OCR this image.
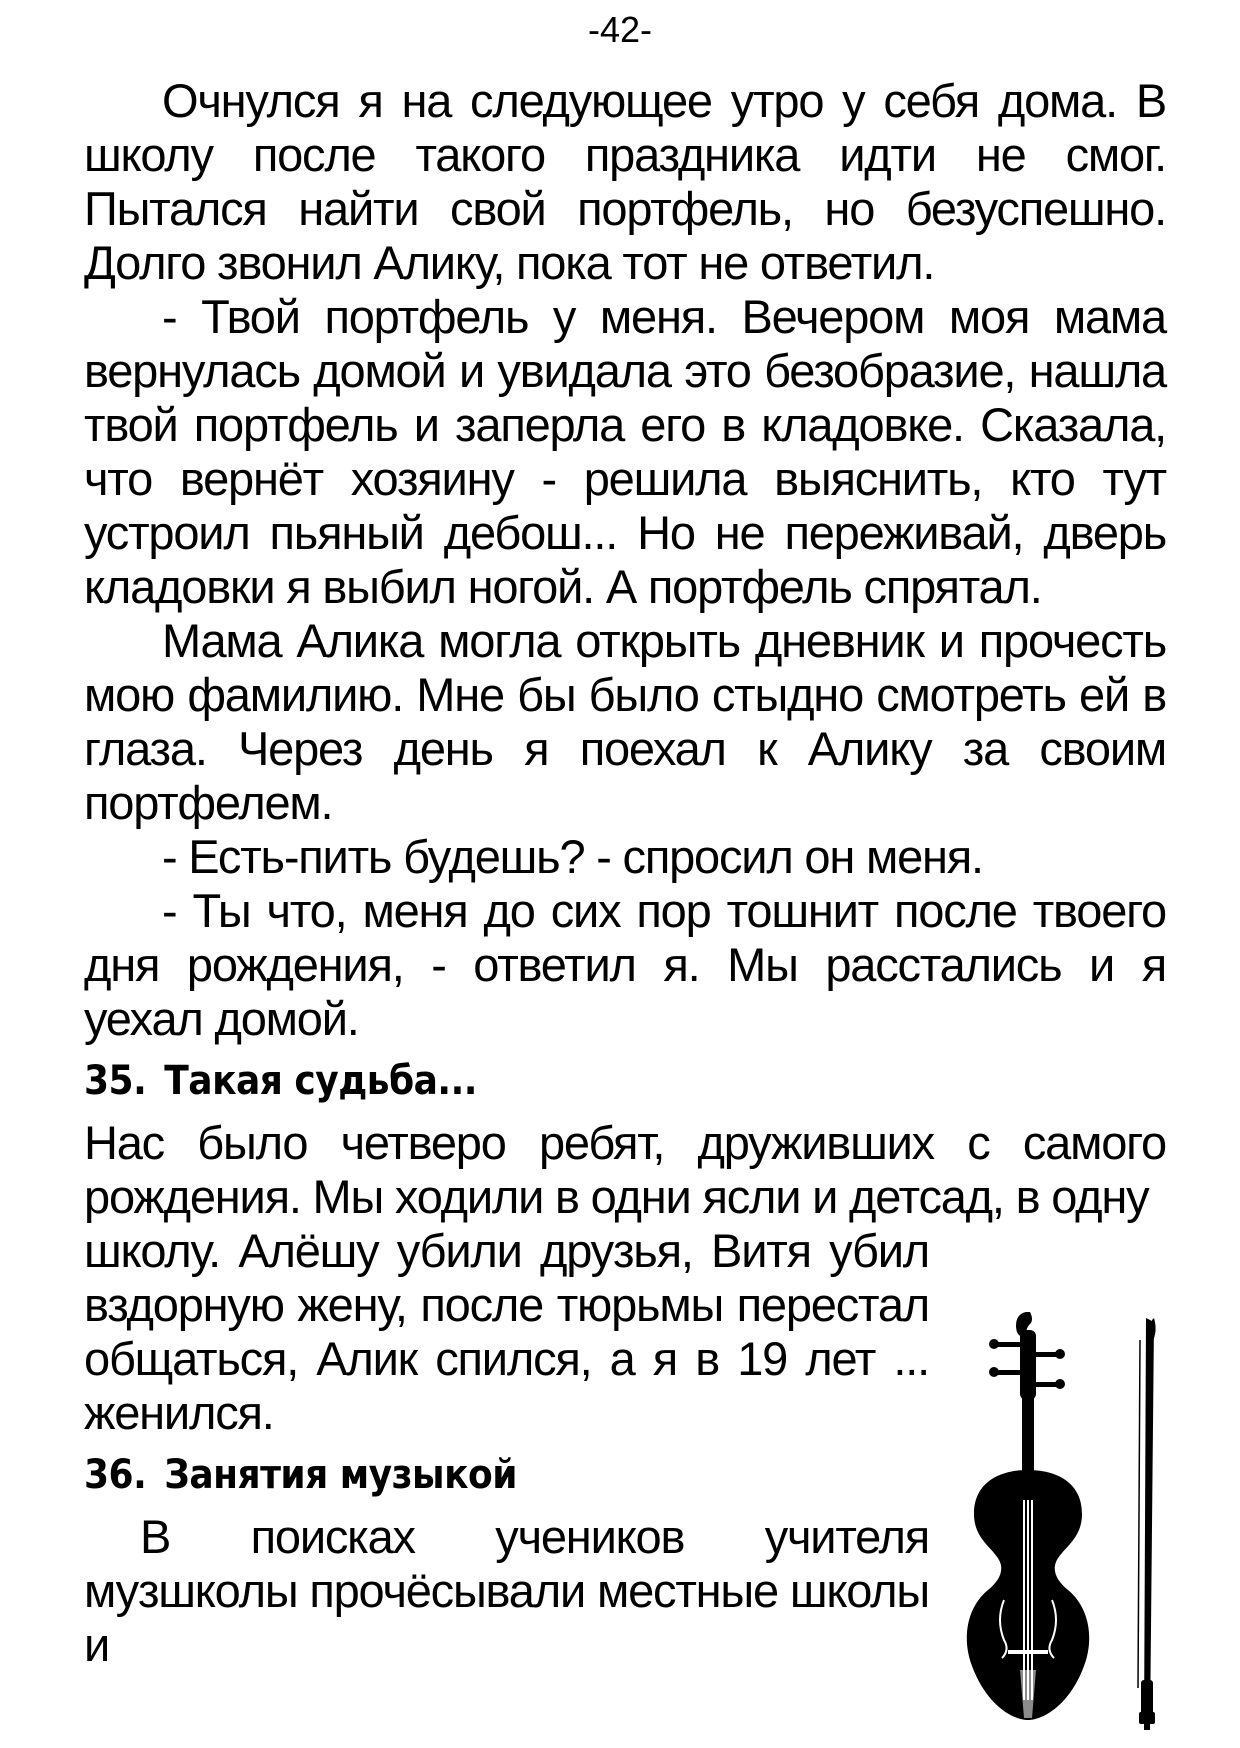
-42-

Очнулся я на следующее утро у себя дома. В школу после такого праздника идти не смог. Пытался найти свой портфель, но безуспешно. Долго звонил Алику, пока тот не ответил.

- Твой портфель у меня. Вечером моя мама вернулась домой и увидала это безобразие, нашла твой портфель и заперла его в кладовке. Сказала, что вернёт хозяину - решила выяснить, кто тут устроил пьяный дебош... Но не переживай, дверь кладовки я выбил ногой. А портфель спрятал.

Мама Алика могла открыть дневник и прочесть мою фамилию. Мне бы было стыдно смотреть ей в глаза. Через день я поехал к Алику за своим портфелем.

- Есть-пить будешь? - спросил он меня.

- Ты что, меня до сих пор тошнит после твоего дня рождения, - ответил я. Мы расстались и я уехал домой.

35. Такая судьба...

Нас было четверо ребят, друживших с самого рождения. Мы ходили в одни ясли и детсад, в одну

школу. Алёшу убили друзья, Витя убил вздорную жену, после тюрьмы перестал общаться, Алик спился, а я в 19 лет ... женился.

36. Занятия музыкой

В поисках учеников учителя музшколы прочёсывали местные школы и
